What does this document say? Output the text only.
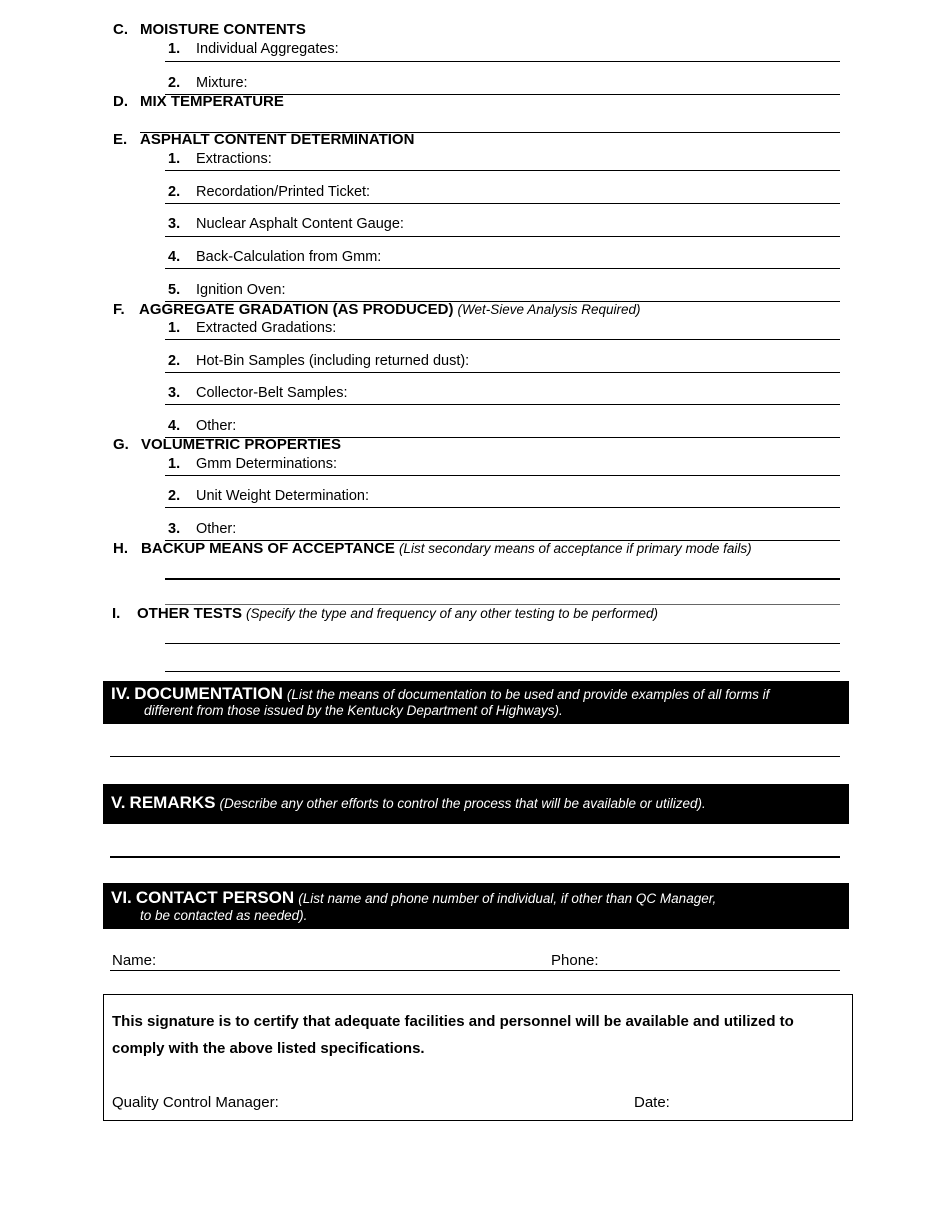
C. MOISTURE CONTENTS
1. Individual Aggregates:
2. Mixture:
D. MIX TEMPERATURE
E. ASPHALT CONTENT DETERMINATION
1. Extractions:
2. Recordation/Printed Ticket:
3. Nuclear Asphalt Content Gauge:
4. Back-Calculation from Gmm:
5. Ignition Oven:
F. AGGREGATE GRADATION (AS PRODUCED) (Wet-Sieve Analysis Required)
1. Extracted Gradations:
2. Hot-Bin Samples (including returned dust):
3. Collector-Belt Samples:
4. Other:
G. VOLUMETRIC PROPERTIES
1. Gmm Determinations:
2. Unit Weight Determination:
3. Other:
H. BACKUP MEANS OF ACCEPTANCE (List secondary means of acceptance if primary mode fails)
I. OTHER TESTS (Specify the type and frequency of any other testing to be performed)
IV. DOCUMENTATION (List the means of documentation to be used and provide examples of all forms if
different from those issued by the Kentucky Department of Highways).
V. REMARKS (Describe any other efforts to control the process that will be available or utilized).
VI. CONTACT PERSON (List name and phone number of individual, if other than QC Manager,
to be contacted as needed).
Name:	Phone:
This signature is to certify that adequate facilities and personnel will be available and utilized to
comply with the above listed specifications.
Quality Control Manager:	Date:
